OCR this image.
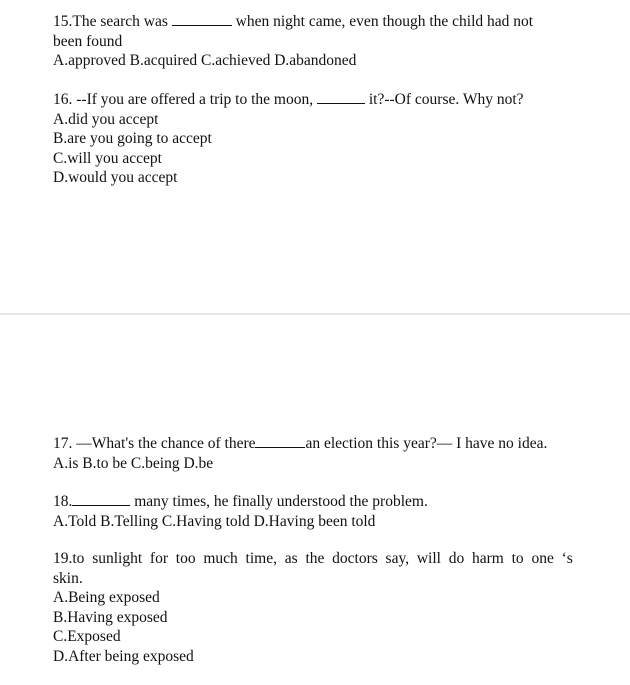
15.The search was	when night came, even though the child had not
been found
A.approved B.acquired C.achieved D.abandoned
16. --If you are offered a trip to the moon,	it?--Of course. Why not?
A.did you accept
B.are you going to accept
C.will you accept
D.would you accept
17. —What's the chance of there	an election this year?— I have no idea.
A.is B.to be C.being D.be
18.	many times, he finally understood the problem.
A.Told B.Telling C.Having told D.Having been told
19.to sunlight for too much time, as the doctors say, will do harm to one ‘s
skin.
A.Being exposed
B.Having exposed
C.Exposed
D.After being exposed
